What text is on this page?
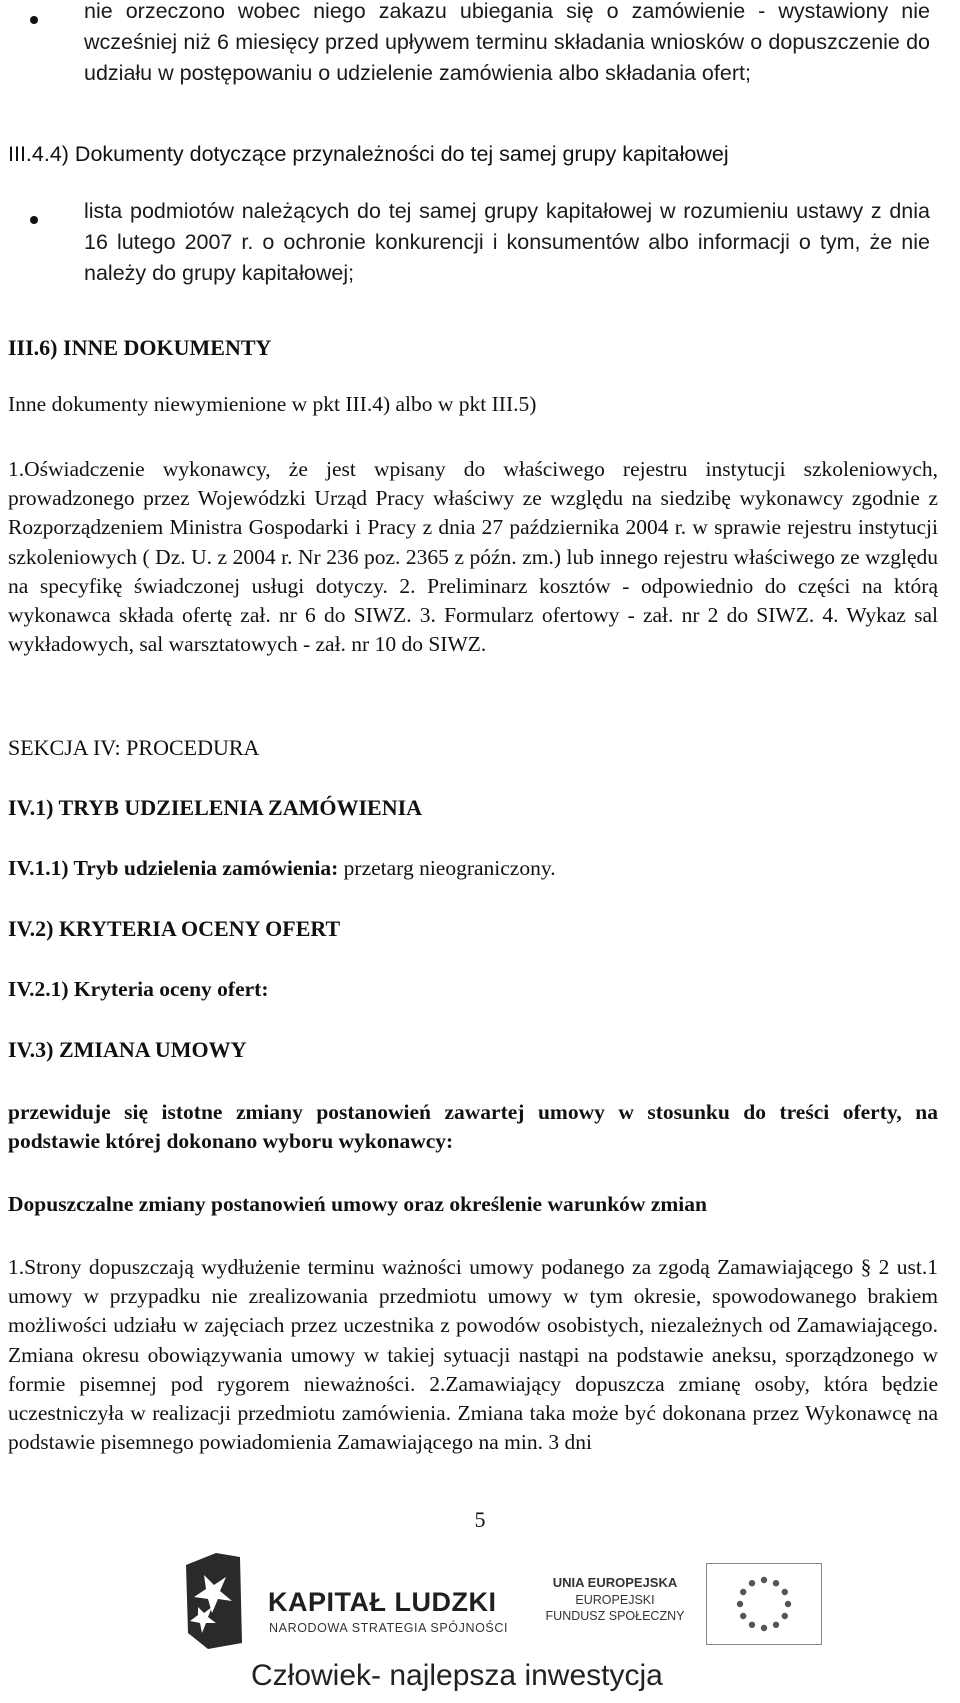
nie orzeczono wobec niego zakazu ubiegania się o zamówienie - wystawiony nie wcześniej niż 6 miesięcy przed upływem terminu składania wniosków o dopuszczenie do udziału w postępowaniu o udzielenie zamówienia albo składania ofert;
III.4.4) Dokumenty dotyczące przynależności do tej samej grupy kapitałowej
lista podmiotów należących do tej samej grupy kapitałowej w rozumieniu ustawy z dnia 16 lutego 2007 r. o ochronie konkurencji i konsumentów albo informacji o tym, że nie należy do grupy kapitałowej;
III.6) INNE DOKUMENTY
Inne dokumenty niewymienione w pkt III.4) albo w pkt III.5)
1.Oświadczenie wykonawcy, że jest wpisany do właściwego rejestru instytucji szkoleniowych, prowadzonego przez Wojewódzki Urząd Pracy właściwy ze względu na siedzibę wykonawcy zgodnie z Rozporządzeniem Ministra Gospodarki i Pracy z dnia 27 października 2004 r. w sprawie rejestru instytucji szkoleniowych ( Dz. U. z 2004 r. Nr 236 poz. 2365 z późn. zm.) lub innego rejestru właściwego ze względu na specyfikę świadczonej usługi dotyczy. 2. Preliminarz kosztów - odpowiednio do części na którą wykonawca składa ofertę zał. nr 6 do SIWZ. 3. Formularz ofertowy - zał. nr 2 do SIWZ. 4. Wykaz sal wykładowych, sal warsztatowych - zał. nr 10 do SIWZ.
SEKCJA IV: PROCEDURA
IV.1) TRYB UDZIELENIA ZAMÓWIENIA
IV.1.1) Tryb udzielenia zamówienia: przetarg nieograniczony.
IV.2) KRYTERIA OCENY OFERT
IV.2.1) Kryteria oceny ofert:
IV.3) ZMIANA UMOWY
przewiduje się istotne zmiany postanowień zawartej umowy w stosunku do treści oferty, na podstawie której dokonano wyboru wykonawcy:
Dopuszczalne zmiany postanowień umowy oraz określenie warunków zmian
1.Strony dopuszczają wydłużenie terminu ważności umowy podanego za zgodą Zamawiającego § 2 ust.1 umowy w przypadku nie zrealizowania przedmiotu umowy w tym okresie, spowodowanego brakiem możliwości udziału w zajęciach przez uczestnika z powodów osobistych, niezależnych od Zamawiającego. Zmiana okresu obowiązywania umowy w takiej sytuacji nastąpi na podstawie aneksu, sporządzonego w formie pisemnej pod rygorem nieważności. 2.Zamawiający dopuszcza zmianę osoby, która będzie uczestniczyła w realizacji przedmiotu zamówienia. Zmiana taka może być dokonana przez Wykonawcę na podstawie pisemnego powiadomienia Zamawiającego na min. 3 dni
5
KAPITAŁ LUDZKI
NARODOWA STRATEGIA SPÓJNOŚCI
UNIA EUROPEJSKA
EUROPEJSKI
FUNDUSZ SPOŁECZNY
Człowiek- najlepsza inwestycja
